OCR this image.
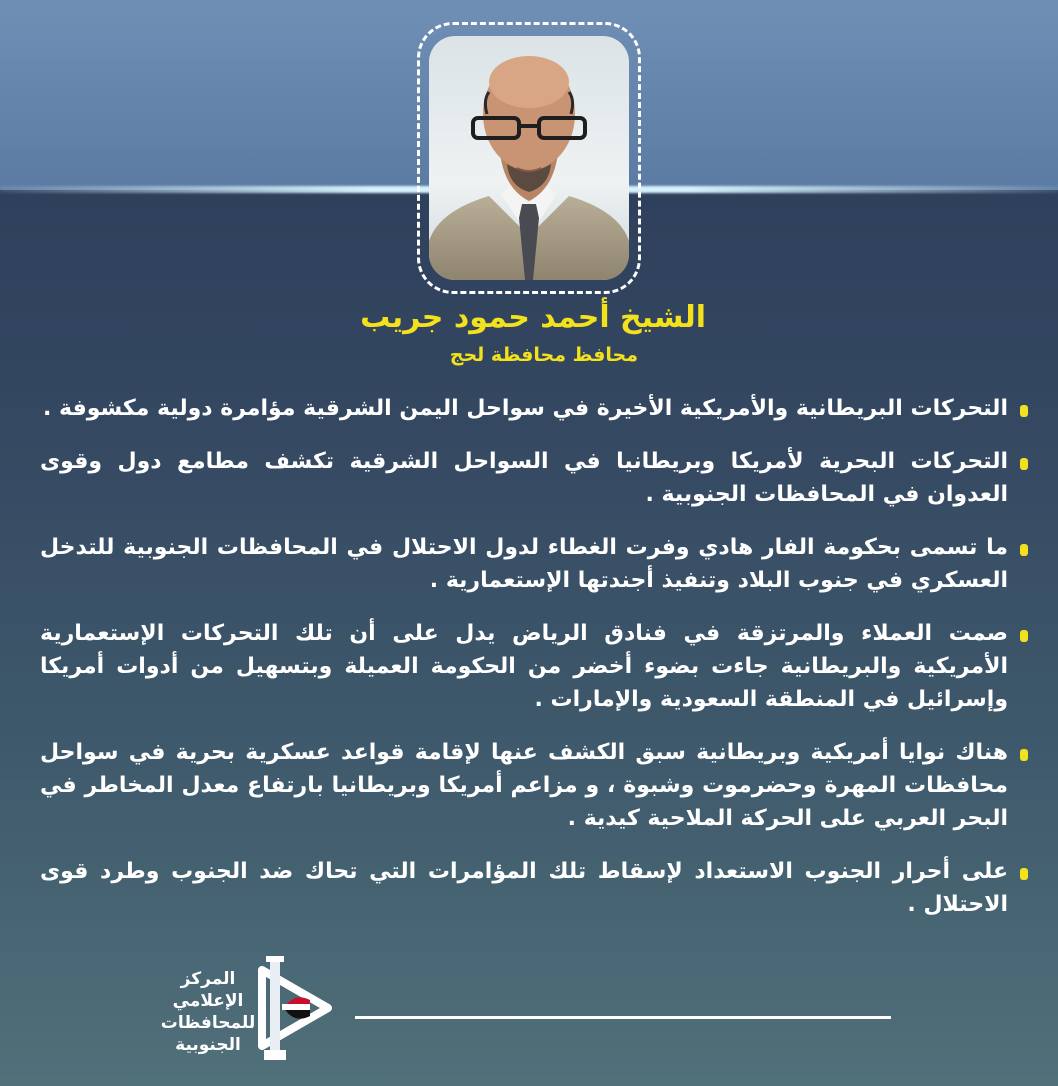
الشيخ أحمد حمود جريب
محافظ محافظة لحج
التحركات البريطانية والأمريكية الأخيرة في سواحل اليمن الشرقية مؤامرة دولية مكشوفة .
التحركات البحرية لأمريكا وبريطانيا في السواحل الشرقية تكشف مطامع دول وقوى العدوان في المحافظات الجنوبية .
ما تسمى بحكومة الفار هادي وفرت الغطاء لدول الاحتلال في المحافظات الجنوبية للتدخل العسكري في جنوب البلاد وتنفيذ أجندتها الإستعمارية .
صمت العملاء والمرتزقة في فنادق الرياض يدل على أن تلك التحركات الإستعمارية الأمريكية والبريطانية جاءت بضوء أخضر من الحكومة العميلة وبتسهيل من أدوات أمريكا وإسرائيل في المنطقة السعودية والإمارات .
هناك نوايا أمريكية وبريطانية سبق الكشف عنها لإقامة قواعد عسكرية بحرية في سواحل محافظات المهرة وحضرموت وشبوة ، و مزاعم أمريكا وبريطانيا بارتفاع معدل المخاطر في البحر العربي على الحركة الملاحية كيدية .
على أحرار الجنوب الاستعداد لإسقاط تلك المؤامرات التي تحاك ضد الجنوب وطرد قوى الاحتلال .
المركز
الإعلامي
للمحافظات
الجنوبية
